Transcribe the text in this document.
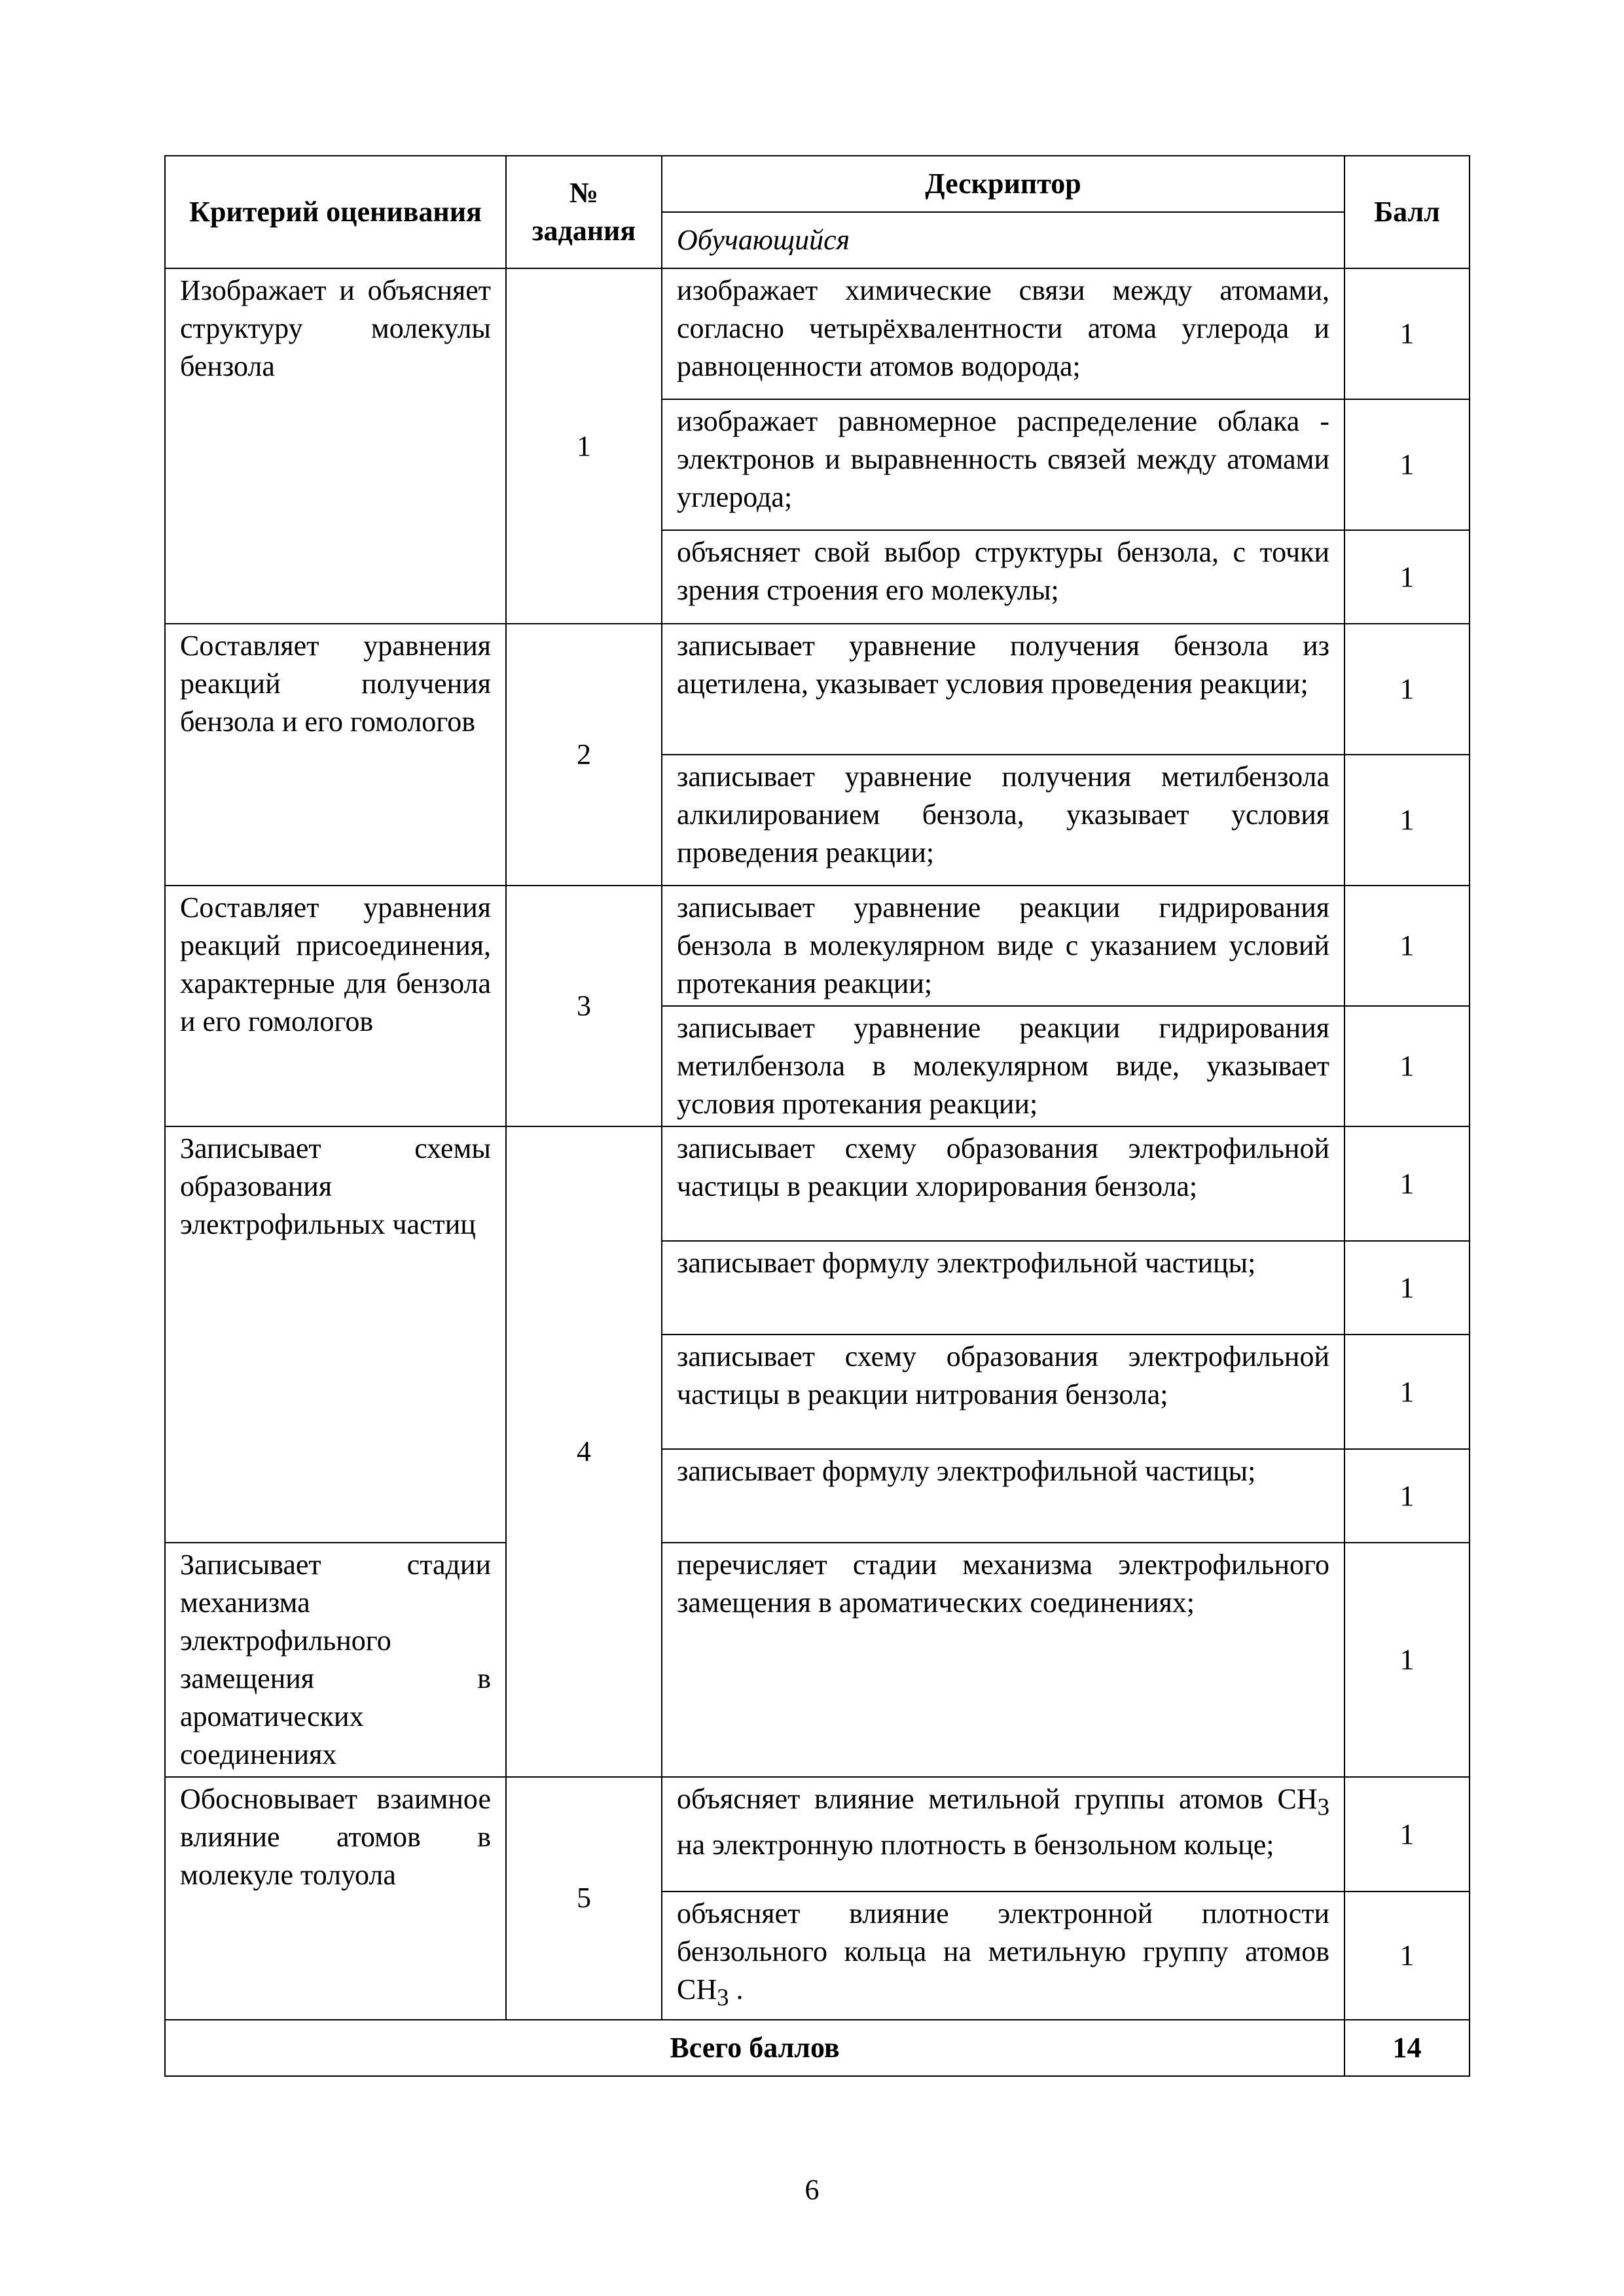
Критерий оценивания	№
задания	Дескриптор	Балл
		Обучающийся	
Изображает и объясняет структуру молекулы бензола	1	изображает химические связи между атомами, согласно четырёхвалентности атома углерода и равноценности атомов водорода;	1
		изображает равномерное распределение облака - электронов и выравненность связей между атомами углерода;	1
		объясняет свой выбор структуры бензола, с точки зрения строения его молекулы;	1
Составляет уравнения реакций получения бензола и его гомологов	2	записывает уравнение получения бензола из ацетилена, указывает условия проведения реакции;	1
		записывает уравнение получения метилбензола алкилированием бензола, указывает условия проведения реакции;	1
Составляет уравнения реакций присоединения, характерные для бензола и его гомологов	3	записывает уравнение реакции гидрирования бензола в молекулярном виде с указанием условий протекания реакции;	1
		записывает уравнение реакции гидрирования метилбензола в молекулярном виде, указывает условия протекания реакции;	1
Записывает схемы образования электрофильных частиц	4	записывает схему образования электрофильной частицы в реакции хлорирования бензола;	1
		записывает формулу электрофильной частицы;	1
		записывает схему образования электрофильной частицы в реакции нитрования бензола;	1
		записывает формулу электрофильной частицы;	1
Записывает стадии механизма электрофильного замещения в ароматических соединениях		перечисляет стадии механизма электрофильного замещения в ароматических соединениях;	1
Обосновывает взаимное влияние атомов в молекуле толуола	5	объясняет влияние метильной группы атомов $CH_3$ на электронную плотность в бензольном кольце;	1
		объясняет влияние электронной плотности бензольного кольца на метильную группу атомов $CH_3$ .	1
Всего баллов			14
6
